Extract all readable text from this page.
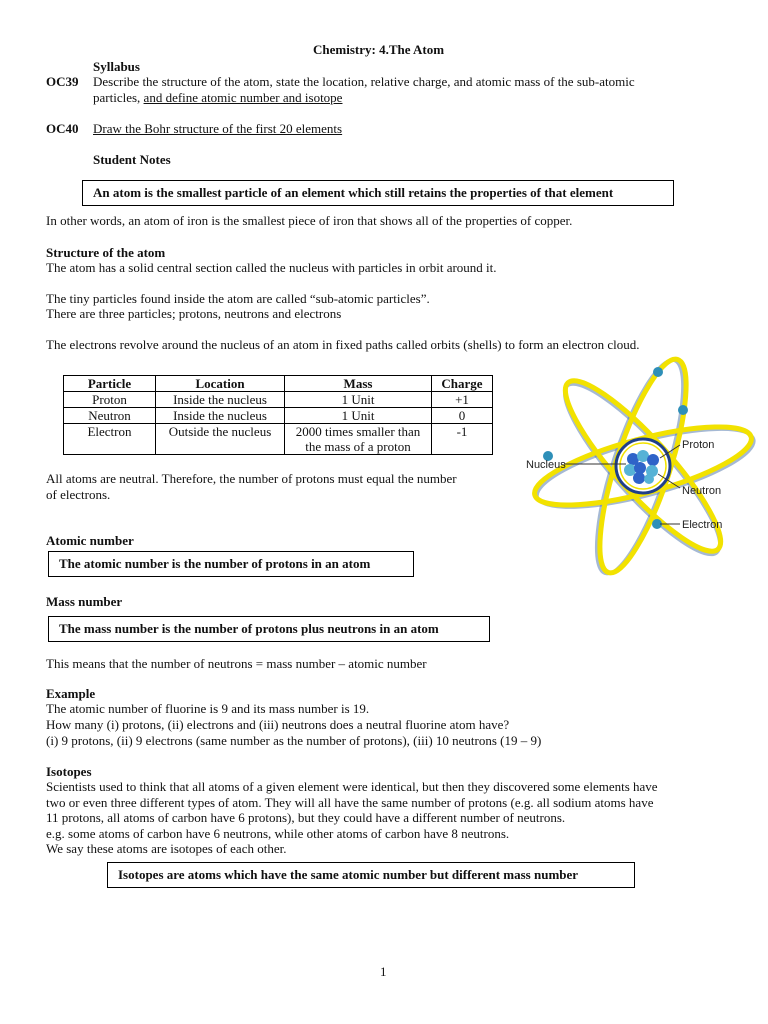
Chemistry: 4.The Atom
Syllabus
OC39 Describe the structure of the atom, state the location, relative charge, and atomic mass of the sub-atomic
particles, and define atomic number and isotope
OC40 Draw the Bohr structure of the first 20 elements
Student Notes
An atom is the smallest particle of an element which still retains the properties of that element
In other words, an atom of iron is the smallest piece of iron that shows all of the properties of copper.
Structure of the atom
The atom has a solid central section called the nucleus with particles in orbit around it.
The tiny particles found inside the atom are called “sub-atomic particles”.
There are three particles; protons, neutrons and electrons
The electrons revolve around the nucleus of an atom in fixed paths called orbits (shells) to form an electron cloud.
Particle	Location	Mass	Charge
Proton	Inside the nucleus	1 Unit	+1
Neutron	Inside the nucleus	1 Unit	0
Electron	Outside the nucleus	2000 times smaller than
the mass of a proton	-1
All atoms are neutral. Therefore, the number of protons must equal the number
of electrons.
Nucleus
Proton
Neutron
Electron
Atomic number
The atomic number is the number of protons in an atom
Mass number
The mass number is the number of protons plus neutrons in an atom
This means that the number of neutrons = mass number – atomic number
Example
The atomic number of fluorine is 9 and its mass number is 19.
How many (i) protons, (ii) electrons and (iii) neutrons does a neutral fluorine atom have?
(i) 9 protons, (ii) 9 electrons (same number as the number of protons), (iii) 10 neutrons (19 – 9)
Isotopes
Scientists used to think that all atoms of a given element were identical, but then they discovered some elements have
two or even three different types of atom. They will all have the same number of protons (e.g. all sodium atoms have
11 protons, all atoms of carbon have 6 protons), but they could have a different number of neutrons.
e.g. some atoms of carbon have 6 neutrons, while other atoms of carbon have 8 neutrons.
We say these atoms are isotopes of each other.
Isotopes are atoms which have the same atomic number but different mass number
1
